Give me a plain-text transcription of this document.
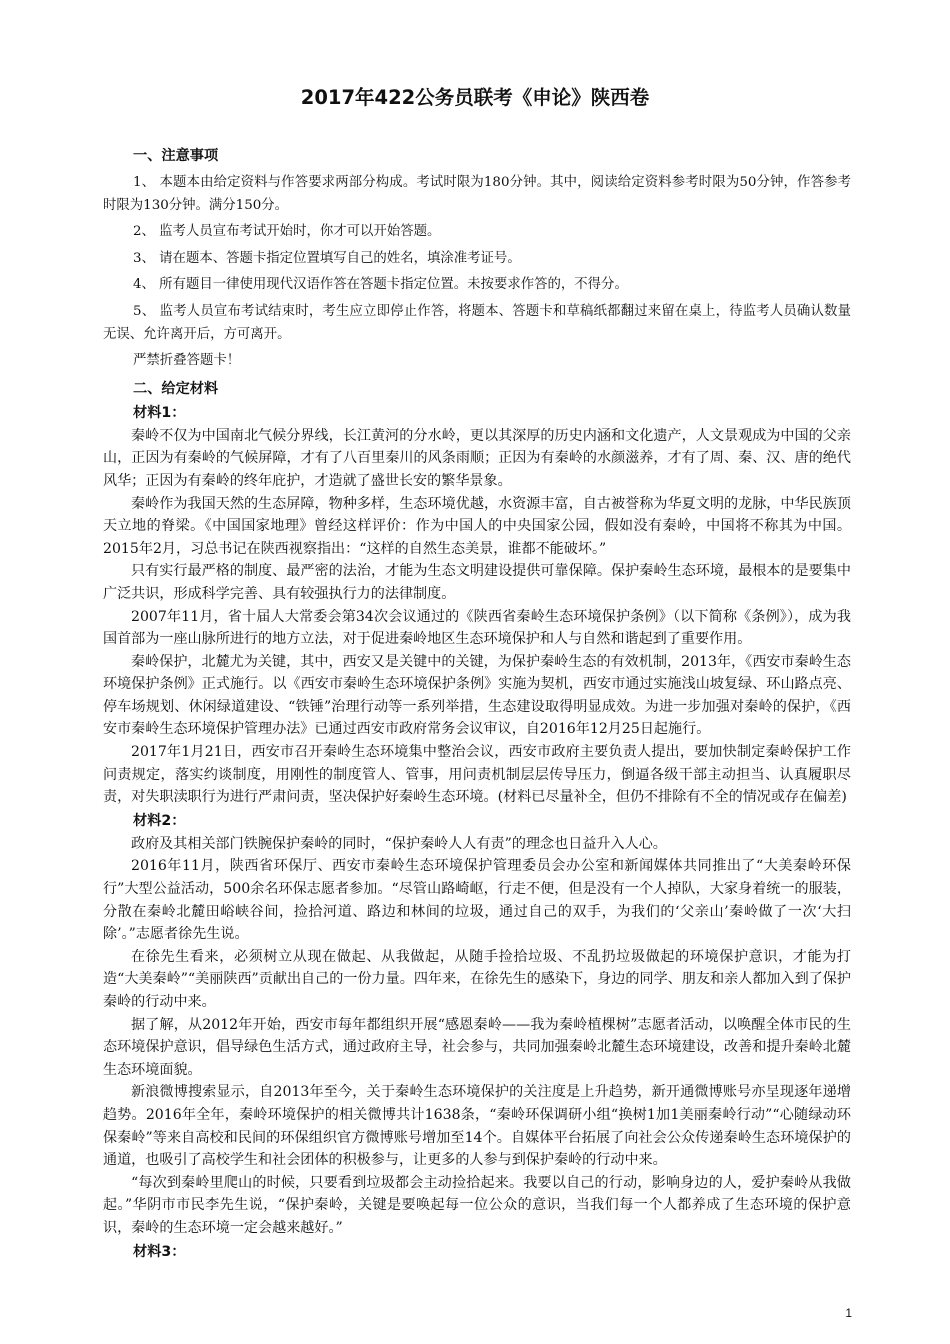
2017年422公务员联考《申论》陕西卷

一、注意事项

1、 本题本由给定资料与作答要求两部分构成。考试时限为180分钟。其中，阅读给定资料参考时限为50分钟，作答参考时限为130分钟。满分150分。

2、 监考人员宣布考试开始时，你才可以开始答题。

3、 请在题本、答题卡指定位置填写自己的姓名，填涂准考证号。

4、 所有题目一律使用现代汉语作答在答题卡指定位置。未按要求作答的，不得分。

5、 监考人员宣布考试结束时，考生应立即停止作答，将题本、答题卡和草稿纸都翻过来留在桌上，待监考人员确认数量无误、允许离开后，方可离开。

严禁折叠答题卡！

二、给定材料

材料1：

秦岭不仅为中国南北气候分界线，长江黄河的分水岭，更以其深厚的历史内涵和文化遗产，人文景观成为中国的父亲山，正因为有秦岭的气候屏障，才有了八百里秦川的风条雨顺；正因为有秦岭的水颜滋养，才有了周、秦、汉、唐的绝代风华；正因为有秦岭的终年庇护，才造就了盛世长安的繁华景象。

秦岭作为我国天然的生态屏障，物种多样，生态环境优越，水资源丰富，自古被誉称为华夏文明的龙脉，中华民族顶天立地的脊梁。《中国国家地理》曾经这样评价：作为中国人的中央国家公园，假如没有秦岭，中国将不称其为中国。2015年2月，习总书记在陕西视察指出：“这样的自然生态美景，谁都不能破坏。”

只有实行最严格的制度、最严密的法治，才能为生态文明建设提供可靠保障。保护秦岭生态环境，最根本的是要集中广泛共识，形成科学完善、具有较强执行力的法律制度。

2007年11月，省十届人大常委会第34次会议通过的《陕西省秦岭生态环境保护条例》（以下简称《条例》），成为我国首部为一座山脉所进行的地方立法，对于促进秦岭地区生态环境保护和人与自然和谐起到了重要作用。

秦岭保护，北麓尤为关键，其中，西安又是关键中的关键，为保护秦岭生态的有效机制，2013年，《西安市秦岭生态环境保护条例》正式施行。以《西安市秦岭生态环境保护条例》实施为契机，西安市通过实施浅山坡复绿、环山路点亮、停车场规划、休闲绿道建设、“铁锤”治理行动等一系列举措，生态建设取得明显成效。为进一步加强对秦岭的保护，《西安市秦岭生态环境保护管理办法》已通过西安市政府常务会议审议，自2016年12月25日起施行。

2017年1月21日，西安市召开秦岭生态环境集中整治会议，西安市政府主要负责人提出，要加快制定秦岭保护工作问责规定，落实约谈制度，用刚性的制度管人、管事，用问责机制层层传导压力，倒逼各级干部主动担当、认真履职尽责，对失职渎职行为进行严肃问责，坚决保护好秦岭生态环境。(材料已尽量补全，但仍不排除有不全的情况或存在偏差)

材料2：

政府及其相关部门铁腕保护秦岭的同时，“保护秦岭人人有责”的理念也日益升入人心。

2016年11月，陕西省环保厅、西安市秦岭生态环境保护管理委员会办公室和新闻媒体共同推出了“大美秦岭环保行”大型公益活动，500余名环保志愿者参加。“尽管山路崎岖，行走不便，但是没有一个人掉队，大家身着统一的服装，分散在秦岭北麓田峪峡谷间，捡拾河道、路边和林间的垃圾，通过自己的双手，为我们的‘父亲山’秦岭做了一次‘大扫除’。”志愿者徐先生说。

在徐先生看来，必须树立从现在做起、从我做起，从随手捡拾垃圾、不乱扔垃圾做起的环境保护意识，才能为打造“大美秦岭”“美丽陕西”贡献出自己的一份力量。四年来，在徐先生的感染下，身边的同学、朋友和亲人都加入到了保护秦岭的行动中来。

据了解，从2012年开始，西安市每年都组织开展“感恩秦岭——我为秦岭植棵树”志愿者活动，以唤醒全体市民的生态环境保护意识，倡导绿色生活方式，通过政府主导，社会参与，共同加强秦岭北麓生态环境建设，改善和提升秦岭北麓生态环境面貌。

新浪微博搜索显示，自2013年至今，关于秦岭生态环境保护的关注度是上升趋势，新开通微博账号亦呈现逐年递增趋势。2016年全年，秦岭环境保护的相关微博共计1638条，“秦岭环保调研小组“换树1加1美丽秦岭行动”“心随绿动环保秦岭”等来自高校和民间的环保组织官方微博账号增加至14个。自媒体平台拓展了向社会公众传递秦岭生态环境保护的通道，也吸引了高校学生和社会团体的积极参与，让更多的人参与到保护秦岭的行动中来。

“每次到秦岭里爬山的时候，只要看到垃圾都会主动捡拾起来。我要以自己的行动，影响身边的人，爱护秦岭从我做起。”华阴市市民李先生说，“保护秦岭，关键是要唤起每一位公众的意识，当我们每一个人都养成了生态环境的保护意识，秦岭的生态环境一定会越来越好。”

材料3：

1
